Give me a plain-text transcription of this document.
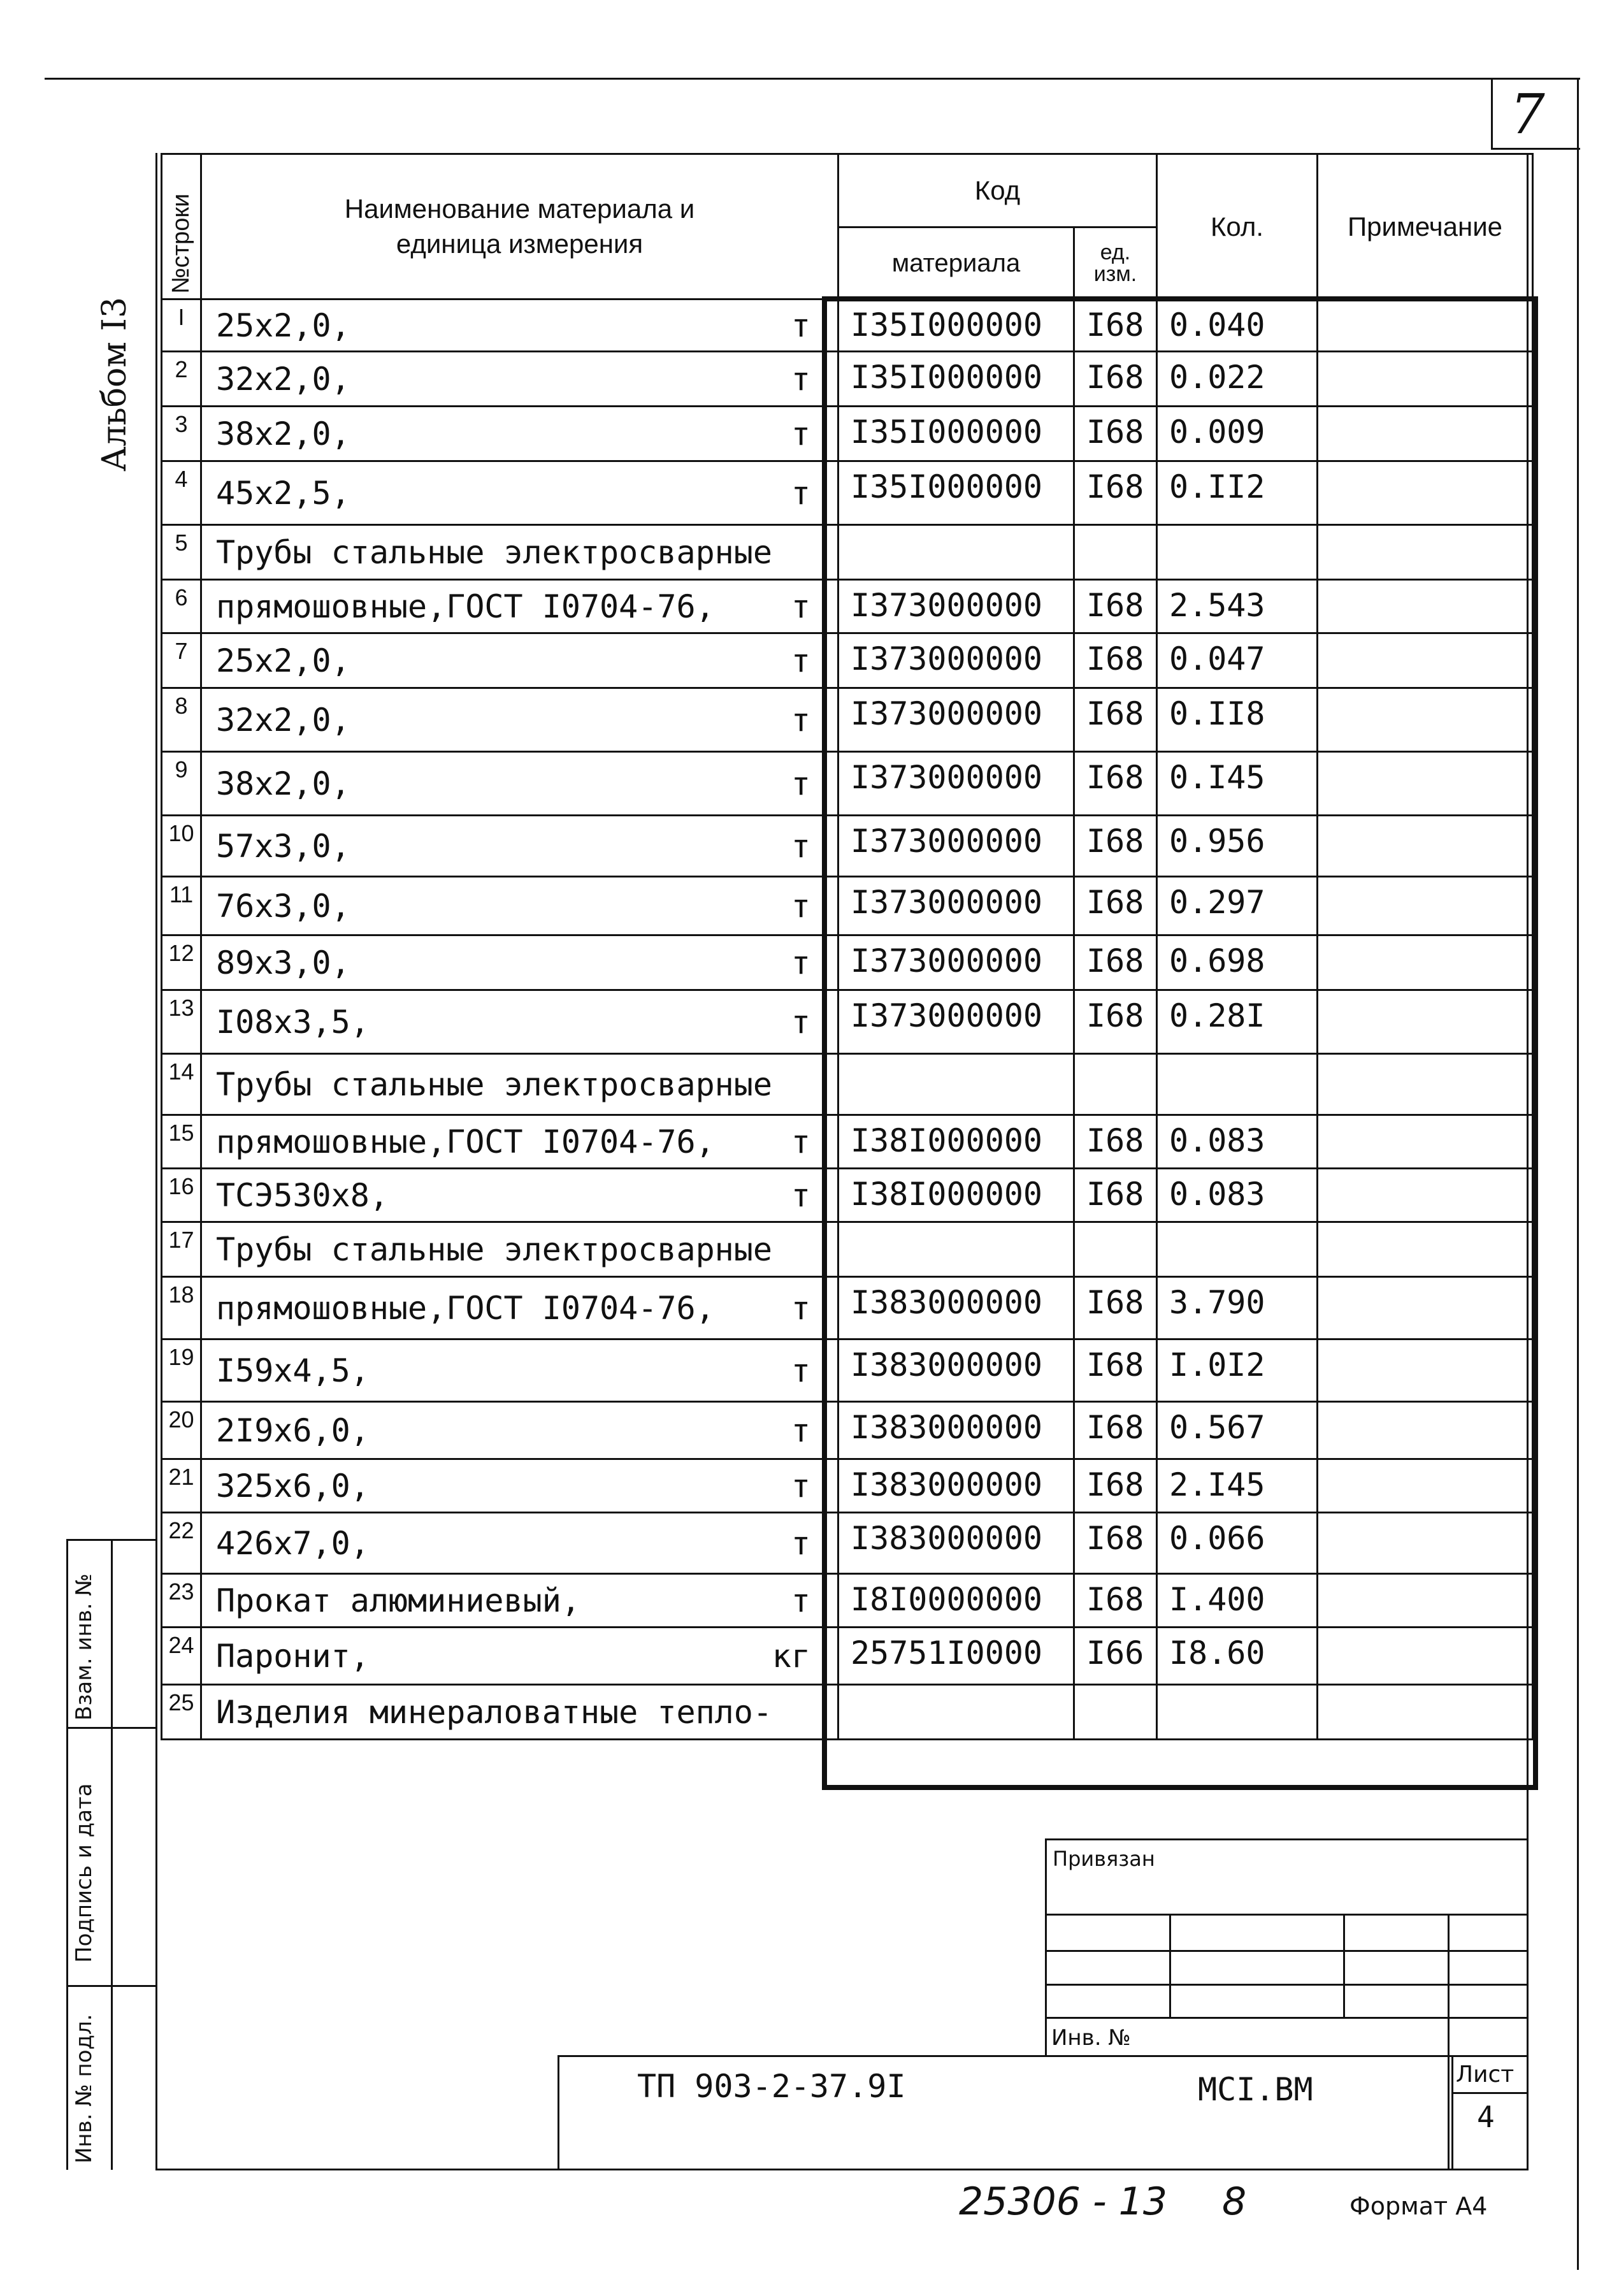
7
Альбом I3
№строки	Наименование материала и единица измерения	Код		Кол.	Примечание
		материала	ед. изм.		
I	25x2,0, т	I35I000000	I68	0.040	
2	32x2,0, т	I35I000000	I68	0.022	
3	38x2,0, т	I35I000000	I68	0.009	
4	45x2,5, т	I35I000000	I68	0.II2	
5	Трубы стальные электросварные

6	прямошовные,ГОСТ I0704-76, т	I373000000	I68	2.543	
7	25x2,0, т	I373000000	I68	0.047	
8	32x2,0, т	I373000000	I68	0.II8	
9	38x2,0, т	I373000000	I68	0.I45	
10	57x3,0, т	I373000000	I68	0.956	
11	76x3,0, т	I373000000	I68	0.297	
12	89x3,0, т	I373000000	I68	0.698	
13	I08x3,5, т	I373000000	I68	0.28I	
14	Трубы стальные электросварные

15	прямошовные,ГОСТ I0704-76, т	I38I000000	I68	0.083	
16	ТСЭ530x8, т	I38I000000	I68	0.083	
17	Трубы стальные электросварные

18	прямошовные,ГОСТ I0704-76, т	I383000000	I68	3.790	
19	I59x4,5, т	I383000000	I68	I.0I2	
20	2I9x6,0, т	I383000000	I68	0.567	
21	325x6,0, т	I383000000	I68	2.I45	
22	426x7,0, т	I383000000	I68	0.066	
23	Прокат алюминиевый, т	I8I0000000	I68	I.400	
24	Паронит, кг	25751I0000	I66	I8.60	
25	Изделия минераловатные тепло-

Взам. инв. №
Подпись и дата
Инв. № подл.
Привязан
Инв. №
ТП 903-2-37.9I	МСI.ВМ	Лист
4
25306 - 13 8	Формат А4
